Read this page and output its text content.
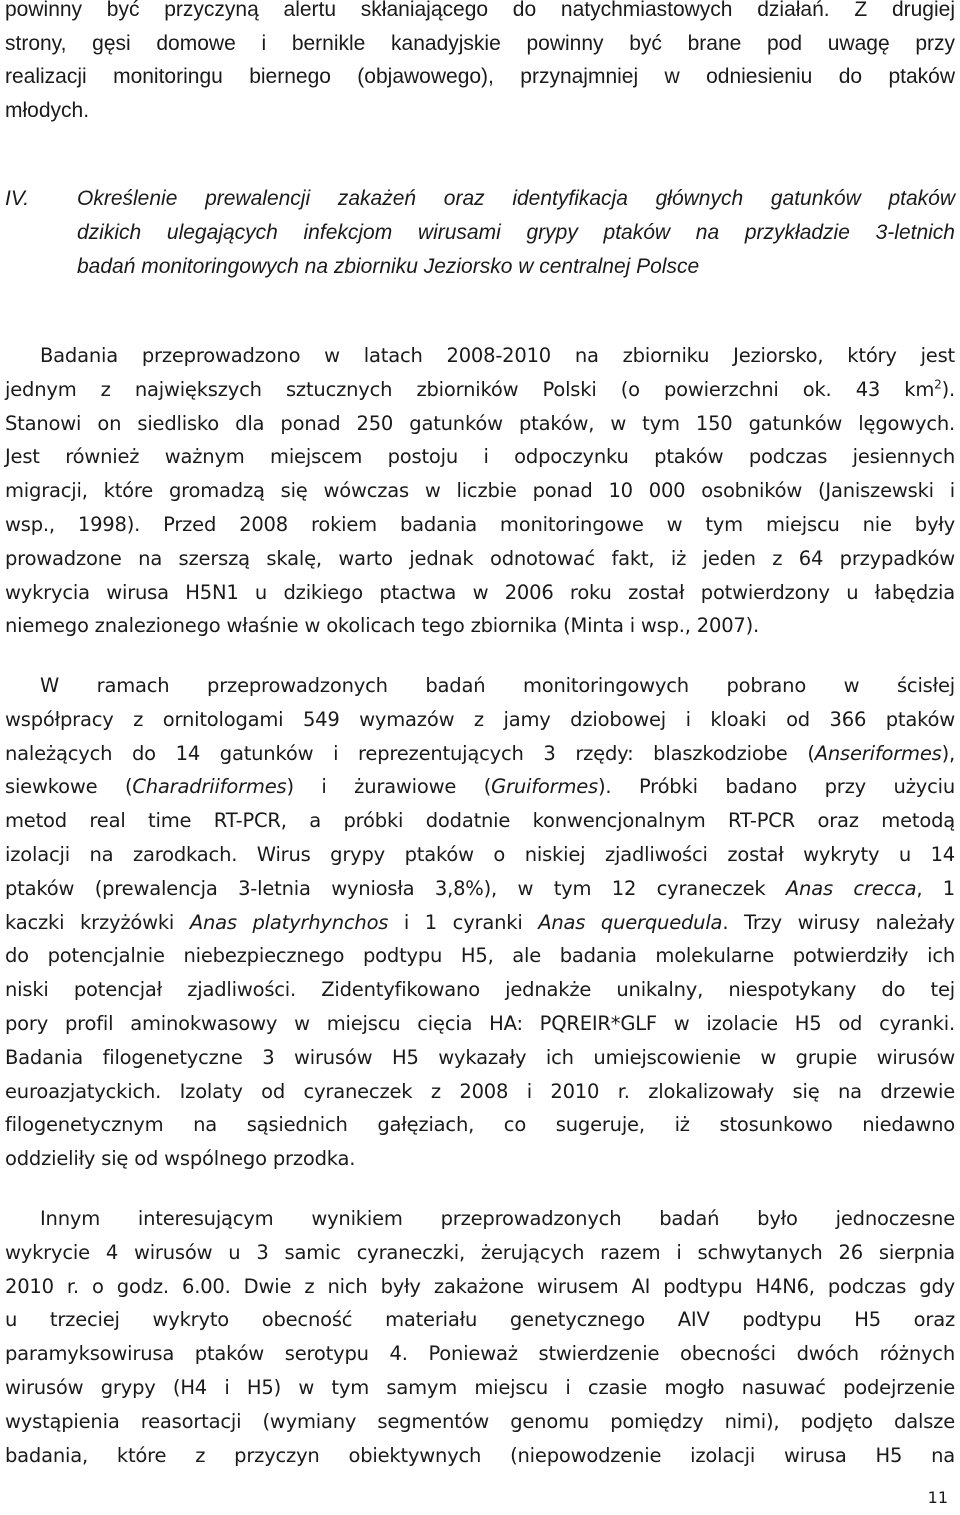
powinny być przyczyną alertu skłaniającego do natychmiastowych działań. Z drugiej
strony, gęsi domowe i bernikle kanadyjskie powinny być brane pod uwagę przy
realizacji monitoringu biernego (objawowego), przynajmniej w odniesieniu do ptaków
młodych.
IV.	Określenie prewalencji zakażeń oraz identyfikacja głównych gatunków ptaków
dzikich ulegających infekcjom wirusami grypy ptaków na przykładzie 3-letnich
badań monitoringowych na zbiorniku Jeziorsko w centralnej Polsce
Badania przeprowadzono w latach 2008-2010 na zbiorniku Jeziorsko, który jest
jednym z największych sztucznych zbiorników Polski (o powierzchni ok. 43 $km^2$).
Stanowi on siedlisko dla ponad 250 gatunków ptaków, w tym 150 gatunków lęgowych.
Jest również ważnym miejscem postoju i odpoczynku ptaków podczas jesiennych
migracji, które gromadzą się wówczas w liczbie ponad 10 000 osobników (Janiszewski i
wsp., 1998). Przed 2008 rokiem badania monitoringowe w tym miejscu nie były
prowadzone na szerszą skalę, warto jednak odnotować fakt, iż jeden z 64 przypadków
wykrycia wirusa H5N1 u dzikiego ptactwa w 2006 roku został potwierdzony u łabędzia
niemego znalezionego właśnie w okolicach tego zbiornika (Minta i wsp., 2007).
W ramach przeprowadzonych badań monitoringowych pobrano w ścisłej
współpracy z ornitologami 549 wymazów z jamy dziobowej i kloaki od 366 ptaków
należących do 14 gatunków i reprezentujących 3 rzędy: blaszkodziobe (Anseriformes),
siewkowe (Charadriiformes) i żurawiowe (Gruiformes). Próbki badano przy użyciu
metod real time RT-PCR, a próbki dodatnie konwencjonalnym RT-PCR oraz metodą
izolacji na zarodkach. Wirus grypy ptaków o niskiej zjadliwości został wykryty u 14
ptaków (prewalencja 3-letnia wyniosła 3,8%), w tym 12 cyraneczek Anas crecca, 1
kaczki krzyżówki Anas platyrhynchos i 1 cyranki Anas querquedula. Trzy wirusy należały
do potencjalnie niebezpiecznego podtypu H5, ale badania molekularne potwierdziły ich
niski potencjał zjadliwości. Zidentyfikowano jednakże unikalny, niespotykany do tej
pory profil aminokwasowy w miejscu cięcia HA: PQREIR*GLF w izolacie H5 od cyranki.
Badania filogenetyczne 3 wirusów H5 wykazały ich umiejscowienie w grupie wirusów
euroazjatyckich. Izolaty od cyraneczek z 2008 i 2010 r. zlokalizowały się na drzewie
filogenetycznym na sąsiednich gałęziach, co sugeruje, iż stosunkowo niedawno
oddzieliły się od wspólnego przodka.
Innym interesującym wynikiem przeprowadzonych badań było jednoczesne
wykrycie 4 wirusów u 3 samic cyraneczki, żerujących razem i schwytanych 26 sierpnia
2010 r. o godz. 6.00. Dwie z nich były zakażone wirusem AI podtypu H4N6, podczas gdy
u trzeciej wykryto obecność materiału genetycznego AIV podtypu H5 oraz
paramyksowirusa ptaków serotypu 4. Ponieważ stwierdzenie obecności dwóch różnych
wirusów grypy (H4 i H5) w tym samym miejscu i czasie mogło nasuwać podejrzenie
wystąpienia reasortacji (wymiany segmentów genomu pomiędzy nimi), podjęto dalsze
badania, które z przyczyn obiektywnych (niepowodzenie izolacji wirusa H5 na
11
